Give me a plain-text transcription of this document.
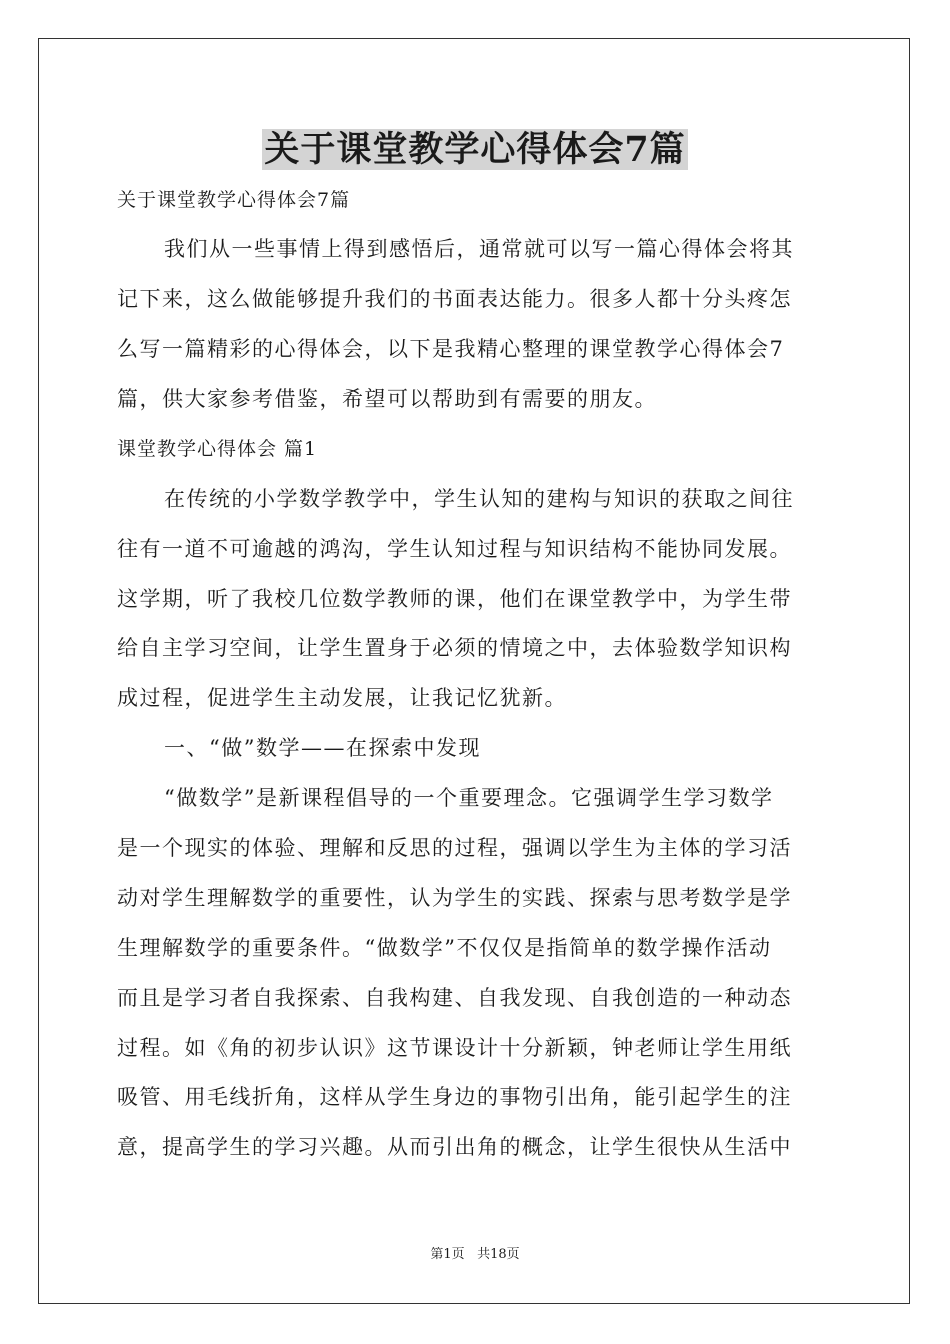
关于课堂教学心得体会7篇
关于课堂教学心得体会7篇
我们从一些事情上得到感悟后，通常就可以写一篇心得体会将其
记下来，这么做能够提升我们的书面表达能力。很多人都十分头疼怎
么写一篇精彩的心得体会，以下是我精心整理的课堂教学心得体会7
篇，供大家参考借鉴，希望可以帮助到有需要的朋友。
课堂教学心得体会 篇1
在传统的小学数学教学中，学生认知的建构与知识的获取之间往
往有一道不可逾越的鸿沟，学生认知过程与知识结构不能协同发展。
这学期，听了我校几位数学教师的课，他们在课堂教学中，为学生带
给自主学习空间，让学生置身于必须的情境之中，去体验数学知识构
成过程，促进学生主动发展，让我记忆犹新。
一、“做”数学——在探索中发现
“做数学”是新课程倡导的一个重要理念。它强调学生学习数学
是一个现实的体验、理解和反思的过程，强调以学生为主体的学习活
动对学生理解数学的重要性，认为学生的实践、探索与思考数学是学
生理解数学的重要条件。“做数学”不仅仅是指简单的数学操作活动
而且是学习者自我探索、自我构建、自我发现、自我创造的一种动态
过程。如《角的初步认识》这节课设计十分新颖，钟老师让学生用纸
吸管、用毛线折角，这样从学生身边的事物引出角，能引起学生的注
意，提高学生的学习兴趣。从而引出角的概念，让学生很快从生活中
第1页 共18页
